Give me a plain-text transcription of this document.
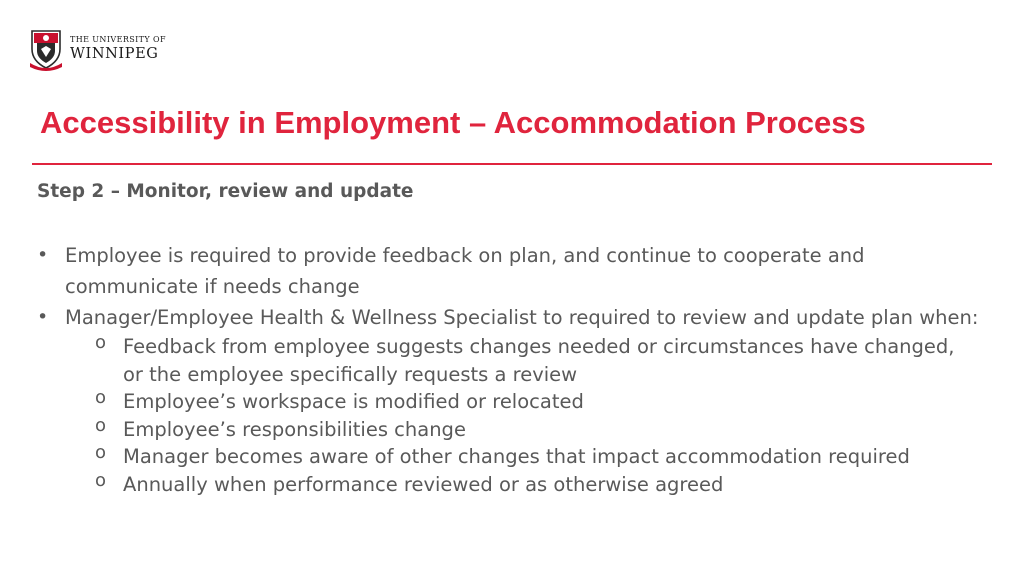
THE UNIVERSITY OF
WINNIPEG
Accessibility in Employment – Accommodation Process
Step 2 – Monitor, review and update
• Employee is required to provide feedback on plan, and continue to cooperate and communicate if needs change
• Manager/Employee Health & Wellness Specialist to required to review and update plan when:
o Feedback from employee suggests changes needed or circumstances have changed, or the employee specifically requests a review
o Employee’s workspace is modified or relocated
o Employee’s responsibilities change
o Manager becomes aware of other changes that impact accommodation required
o Annually when performance reviewed or as otherwise agreed
